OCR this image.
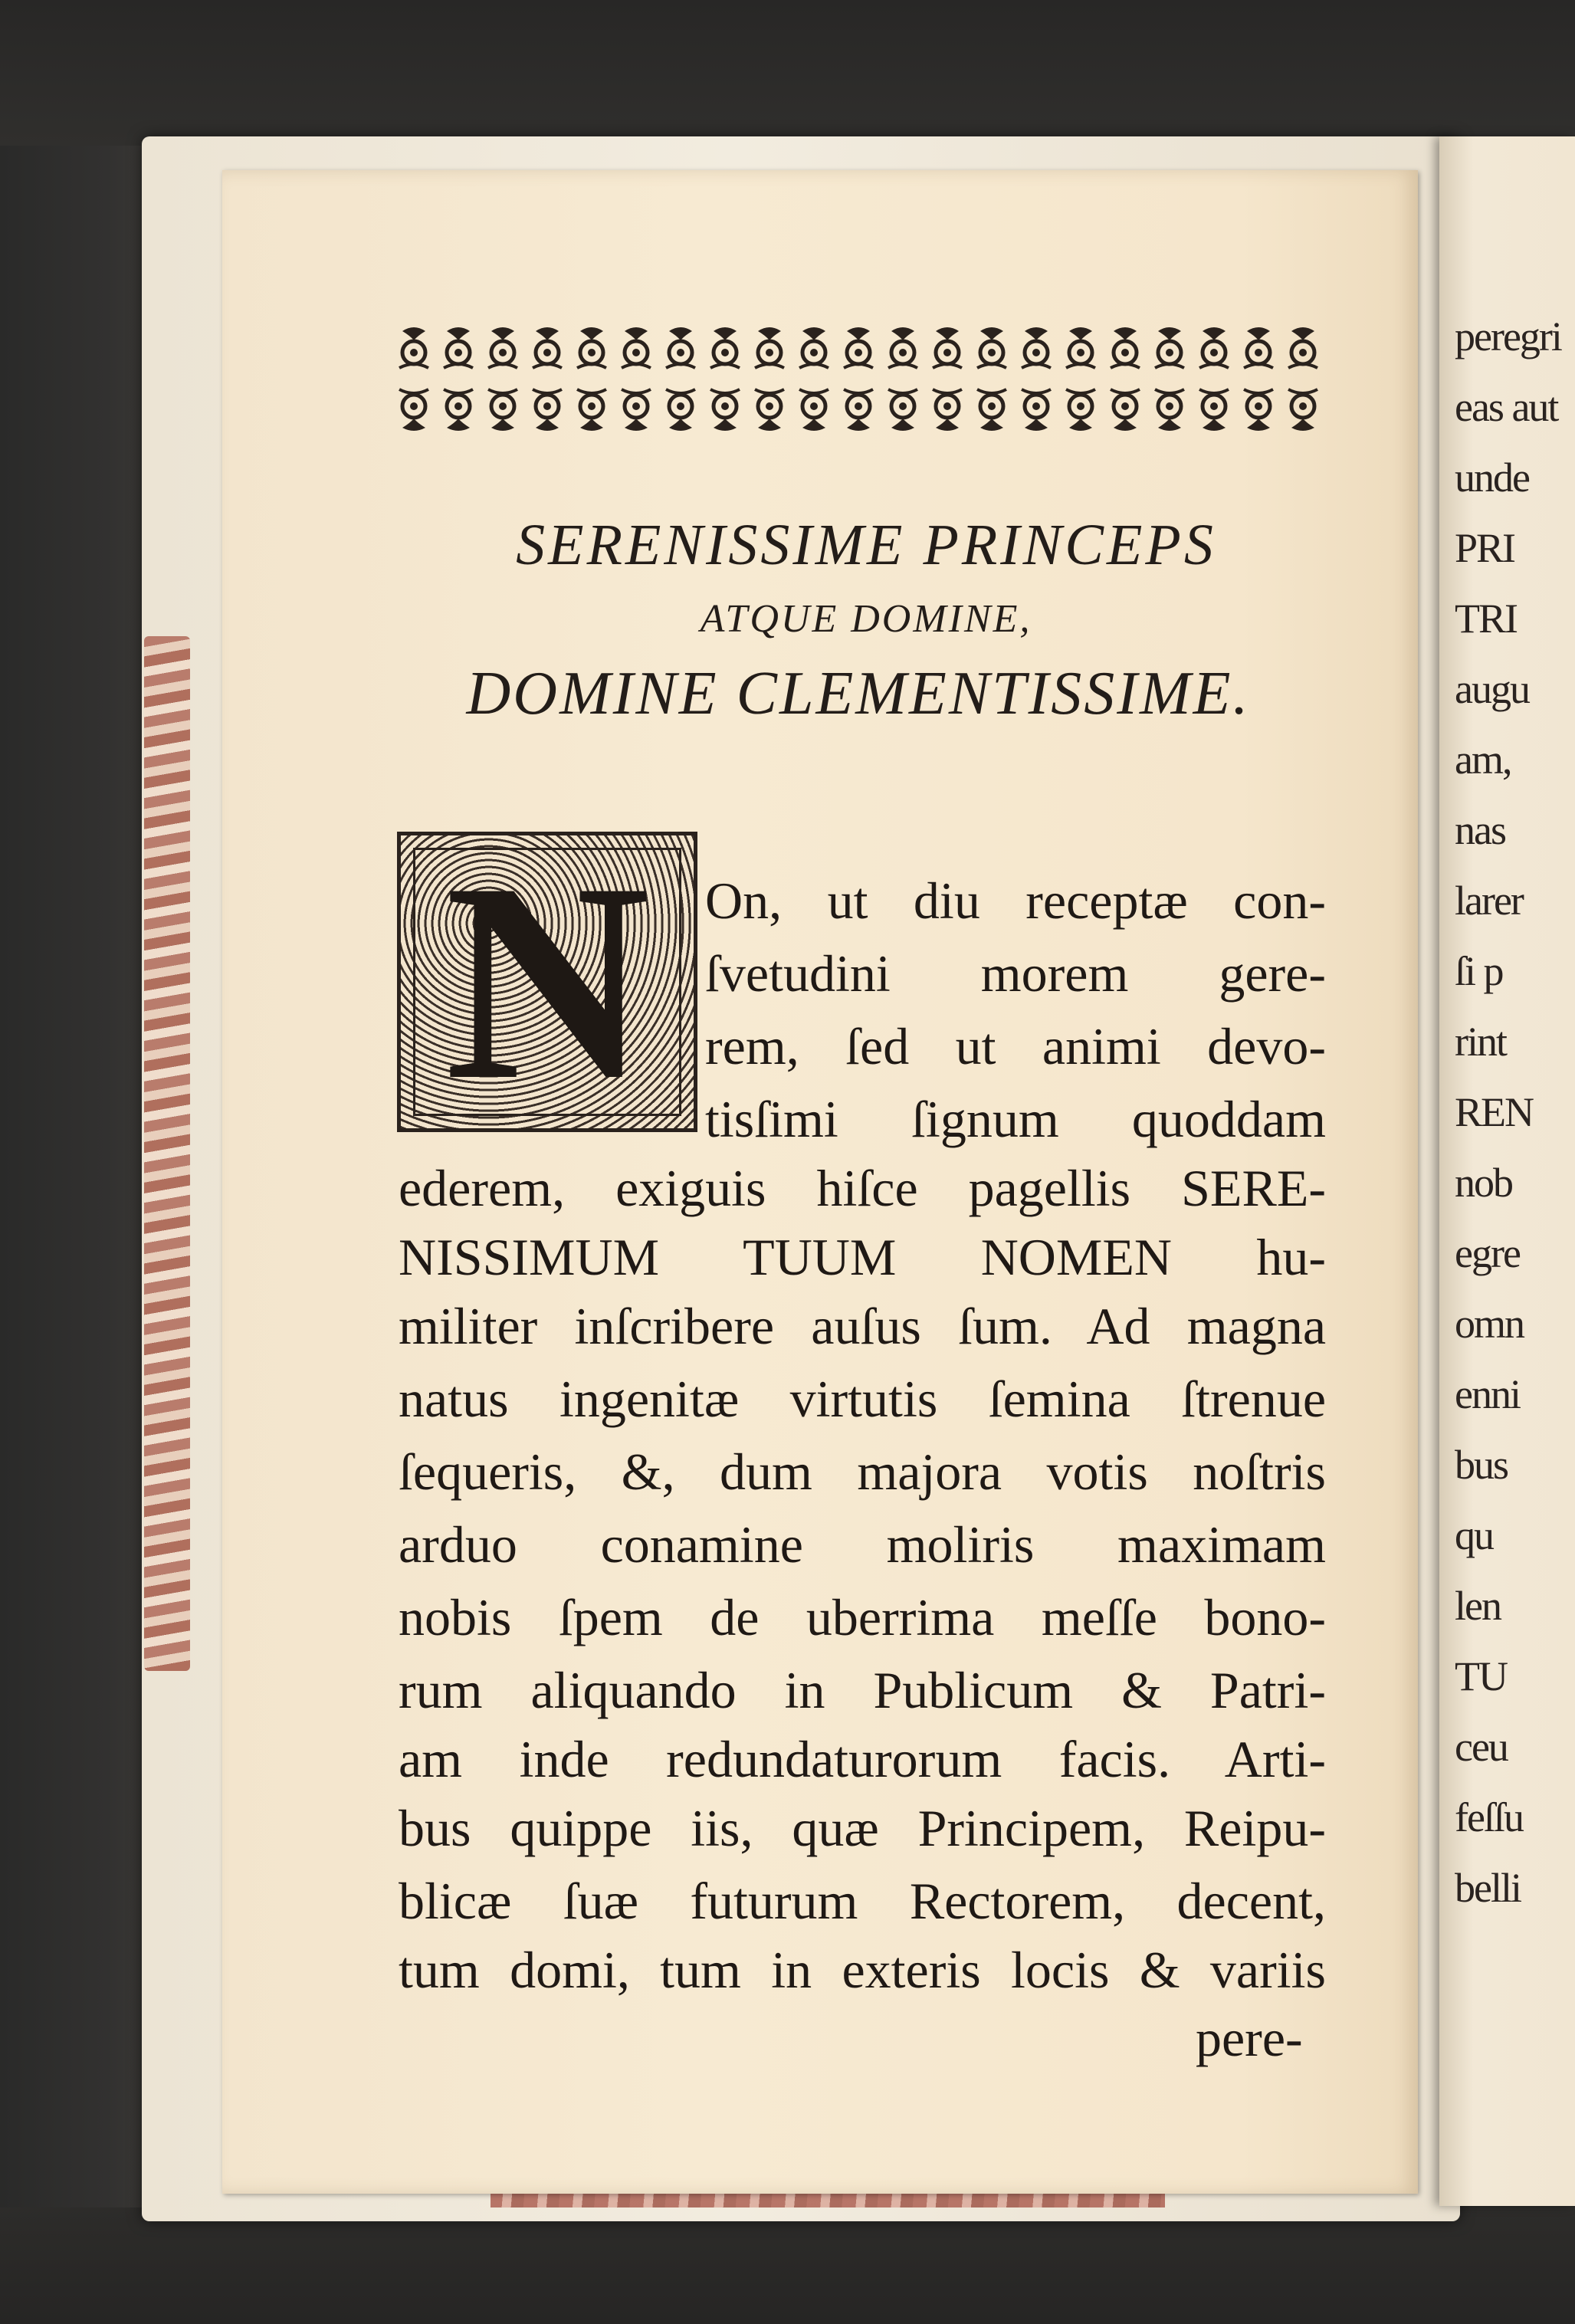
peregri
eas aut
unde
PRI
TRI
augu
am,
nas
larer
ſi p
rint
REN
nob
egre
omn
enni
bus
qu
len
TU
ceu
feſſu
belli
SERENISSIME PRINCEPS
ATQUE DOMINE,
DOMINE CLEMENTISSIME.
N On, ut diu receptæ con-
ſvetudini morem gere-
rem, ſed ut animi devo-
tisſimi ſignum quoddam
ederem, exiguis hiſce pagellis SERE-
NISSIMUM TUUM NOMEN hu-
militer inſcribere auſus ſum. Ad magna
natus ingenitæ virtutis ſemina ſtrenue
ſequeris, &, dum majora votis noſtris
arduo conamine moliris maximam
nobis ſpem de uberrima meſſe bono-
rum aliquando in Publicum & Patri-
am inde redundaturorum facis. Arti-
bus quippe iis, quæ Principem, Reipu-
blicæ ſuæ futurum Rectorem, decent,
tum domi, tum in exteris locis & variis
pere-
